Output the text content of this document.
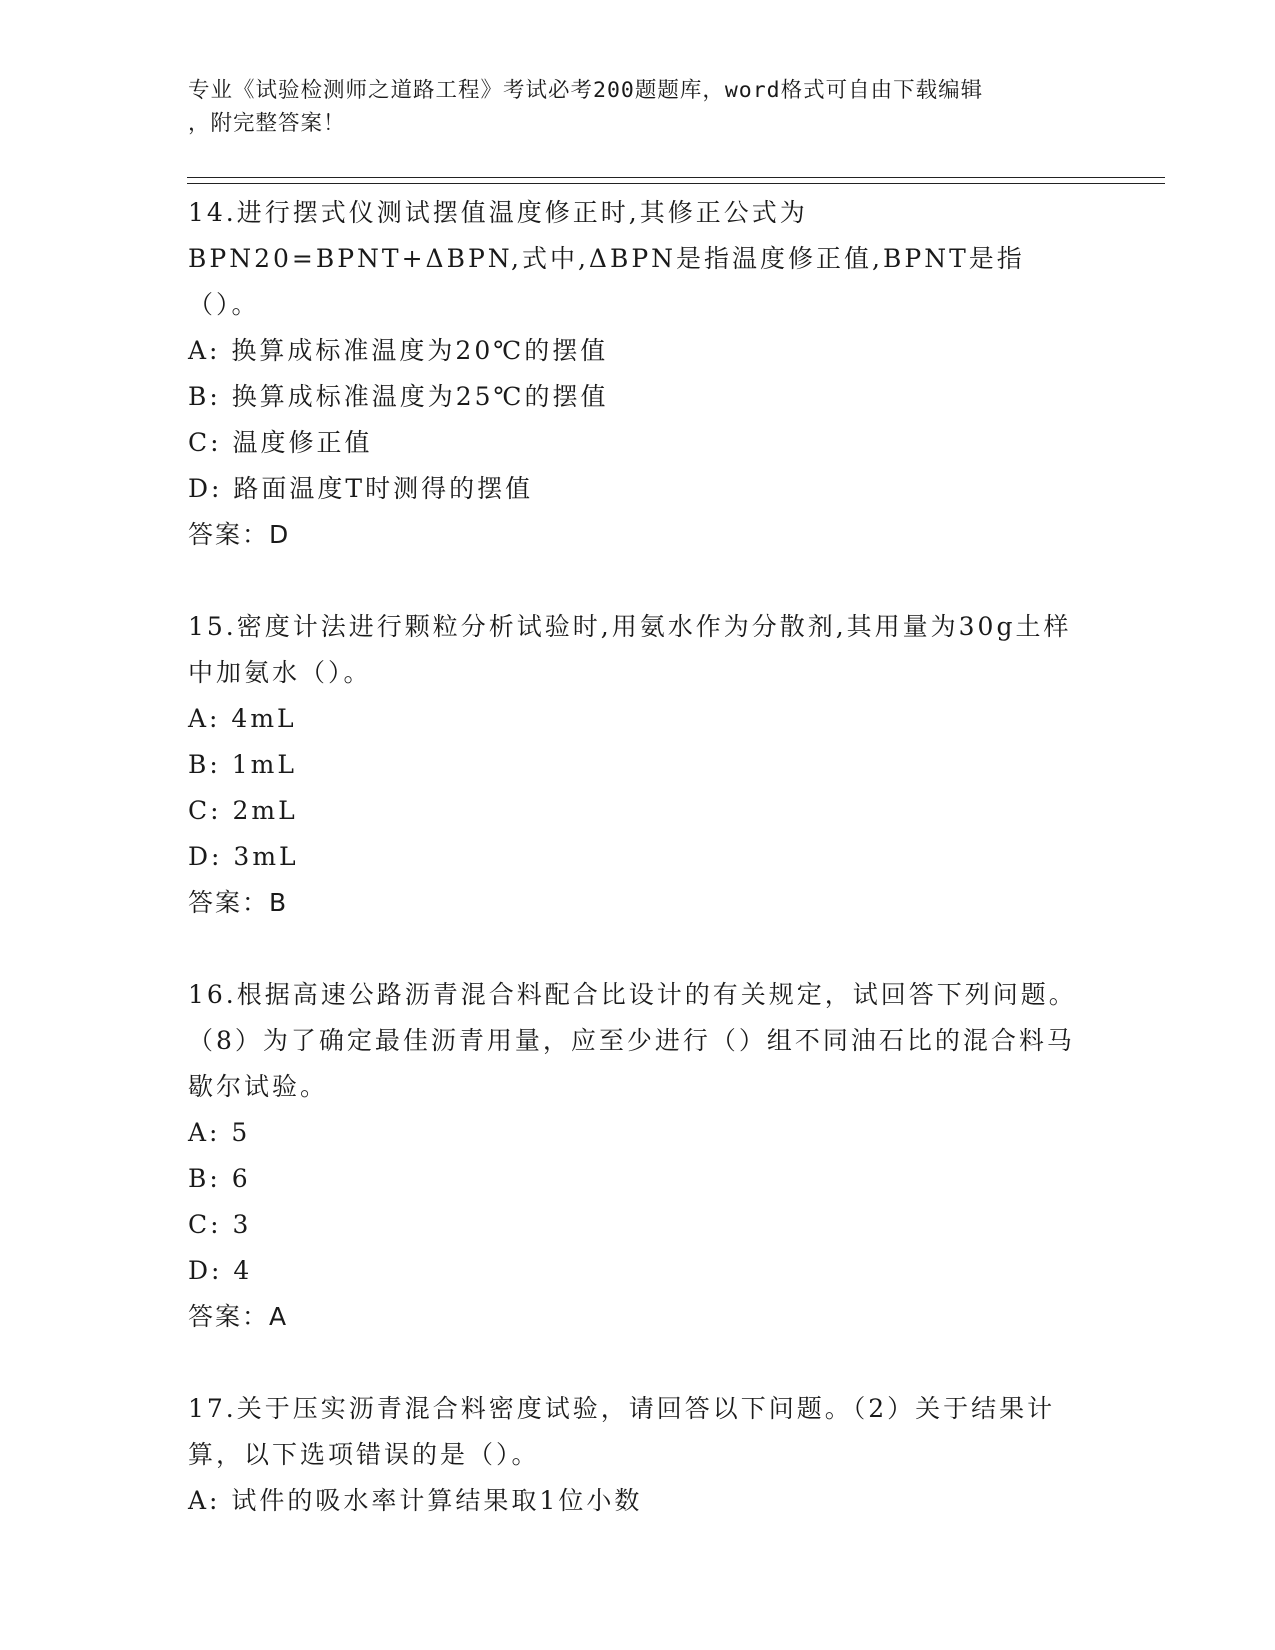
专业《试验检测师之道路工程》考试必考200题题库，word格式可自由下载编辑
，附完整答案！

14.进行摆式仪测试摆值温度修正时,其修正公式为BPN20=BPNT+ΔBPN,式中,ΔBPN是指温度修正值,BPNT是指（）。

A: 换算成标准温度为20℃的摆值
B: 换算成标准温度为25℃的摆值
C: 温度修正值
D: 路面温度T时测得的摆值

答案：D

15.密度计法进行颗粒分析试验时,用氨水作为分散剂,其用量为30g土样中加氨水（）。

A: 4mL
B: 1mL
C: 2mL
D: 3mL

答案：B

16.根据高速公路沥青混合料配合比设计的有关规定，试回答下列问题。（8）为了确定最佳沥青用量，应至少进行（）组不同油石比的混合料马歇尔试验。

A: 5
B: 6
C: 3
D: 4

答案：A

17.关于压实沥青混合料密度试验，请回答以下问题。（2）关于结果计算，以下选项错误的是（）。

A: 试件的吸水率计算结果取1位小数
